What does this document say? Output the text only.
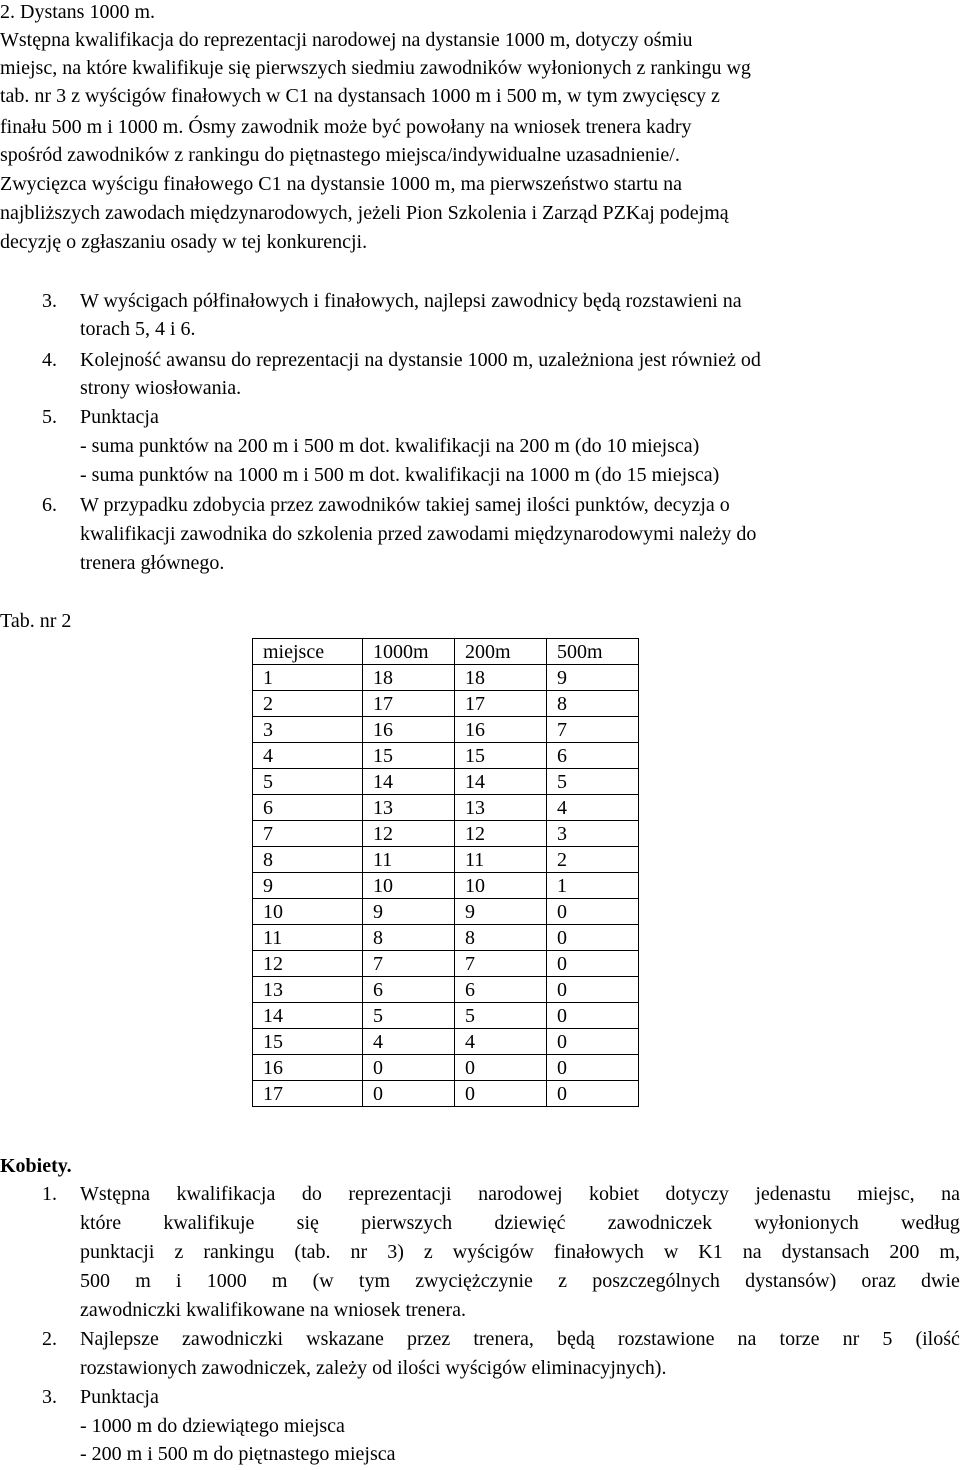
2. Dystans 1000 m.
Wstępna kwalifikacja do reprezentacji narodowej na dystansie 1000 m, dotyczy ośmiu
miejsc, na które kwalifikuje się pierwszych siedmiu zawodników wyłonionych z rankingu wg
tab. nr 3 z wyścigów finałowych w C1 na dystansach 1000 m i 500 m, w tym zwycięscy z
finału 500 m i 1000 m. Ósmy zawodnik może być powołany na wniosek trenera kadry
spośród zawodników z rankingu do piętnastego miejsca/indywidualne uzasadnienie/.
Zwycięzca wyścigu finałowego C1 na dystansie 1000 m, ma pierwszeństwo startu na
najbliższych zawodach międzynarodowych, jeżeli Pion Szkolenia i Zarząd PZKaj podejmą
decyzję o zgłaszaniu osady w tej konkurencji.
3. W wyścigach półfinałowych i finałowych, najlepsi zawodnicy będą rozstawieni na
torach 5, 4 i 6.
4. Kolejność awansu do reprezentacji na dystansie 1000 m, uzależniona jest również od
strony wiosłowania.
5. Punktacja
- suma punktów na 200 m i 500 m dot. kwalifikacji na 200 m (do 10 miejsca)
- suma punktów na 1000 m i 500 m dot. kwalifikacji na 1000 m (do 15 miejsca)
6. W przypadku zdobycia przez zawodników takiej samej ilości punktów, decyzja o
kwalifikacji zawodnika do szkolenia przed zawodami międzynarodowymi należy do
trenera głównego.
Tab. nr 2
miejsce	1000m	200m	500m
1	18	18	9
2	17	17	8
3	16	16	7
4	15	15	6
5	14	14	5
6	13	13	4
7	12	12	3
8	11	11	2
9	10	10	1
10	9	9	0
11	8	8	0
12	7	7	0
13	6	6	0
14	5	5	0
15	4	4	0
16	0	0	0
17	0	0	0
Kobiety.
1. Wstępna kwalifikacja do reprezentacji narodowej kobiet dotyczy jedenastu miejsc, na
które kwalifikuje się pierwszych dziewięć zawodniczek wyłonionych według
punktacji z rankingu (tab. nr 3) z wyścigów finałowych w K1 na dystansach 200 m,
500 m i 1000 m (w tym zwyciężczynie z poszczególnych dystansów) oraz dwie
zawodniczki kwalifikowane na wniosek trenera.
2. Najlepsze zawodniczki wskazane przez trenera, będą rozstawione na torze nr 5 (ilość
rozstawionych zawodniczek, zależy od ilości wyścigów eliminacyjnych).
3. Punktacja
- 1000 m do dziewiątego miejsca
- 200 m i 500 m do piętnastego miejsca
